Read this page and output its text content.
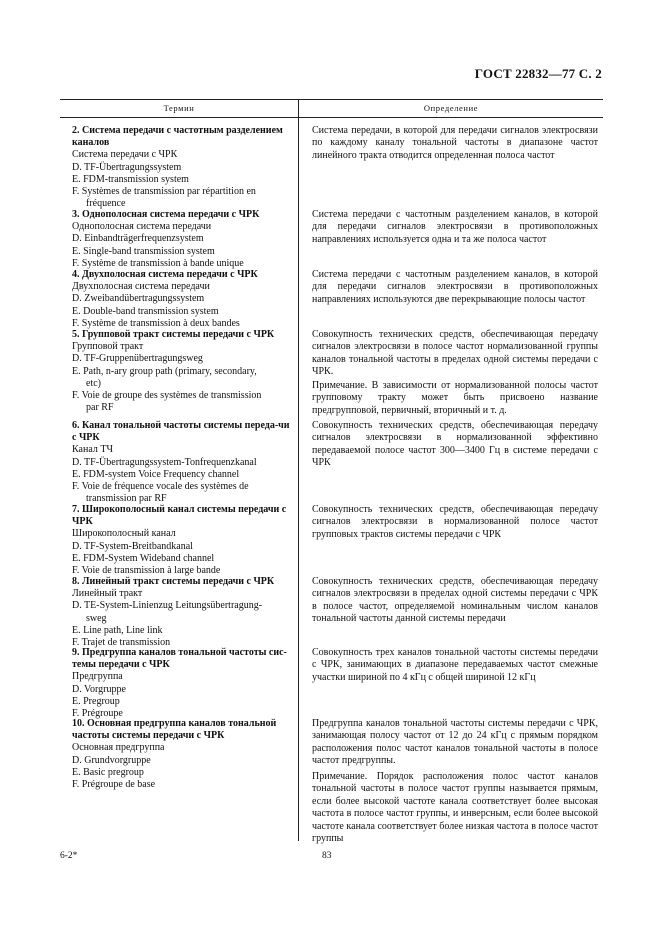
ГОСТ 22832—77 С. 2
Термин	Определение

2. Система передачи с частотным разделением каналов

Система передачи с ЧРК

D. TF-Übertragungssystem

E. FDM-transmission system

F. Systèmes de transmission par répartition en

fréquence

3. Однополосная система передачи с ЧРК

Однополосная система передачи

D. Einbandträgerfrequenzsystem

E. Single-band transmission system

F. Système de transmission à bande unique

4. Двухполосная система передачи с ЧРК

Двухполосная система передачи

D. Zweibandübertragungssystem

E. Double-band transmission system

F. Système de transmission à deux bandes

5. Групповой тракт системы передачи с ЧРК

Групповой тракт

D. TF-Gruppenübertragungsweg

E. Path, n-ary group path (primary, secondary,

etc)

F. Voie de groupe des systèmes de transmission

par RF

6. Канал тональной частоты системы переда-чи с ЧРК

Канал ТЧ

D. TF-Übertragungssystem-Tonfrequenzkanal

E. FDM-system Voice Frequency channel

F. Voie de fréquence vocale des systèmes de

transmission par RF

7. Широкополосный канал системы передачи с ЧРК

Широкополосный канал

D. TF-System-Breitbandkanal

E. FDM-System Wideband channel

F. Voie de transmission à large bande

8. Линейный тракт системы передачи с ЧРК

Линейный тракт

D. TE-System-Linienzug Leitungsübertragung-

sweg

E. Line path, Line link

F. Trajet de transmission

9. Предгруппа каналов тональной частоты сис-темы передачи с ЧРК

Предгруппа

D. Vorgruppe

E. Pregroup

F. Prégroupe

10. Основная предгруппа каналов тональной частоты системы передачи с ЧРК

Основная предгруппа

D. Grundvorgruppe

E. Basic pregroup

F. Prégroupe de base

Система передачи, в которой для передачи сигналов электросвязи по каждому каналу тональной частоты в диапазоне частот линейного тракта отводится определенная полоса частот

Система передачи с частотным разделением каналов, в которой для передачи сигналов электросвязи в противоположных направлениях используется одна и та же полоса частот

Система передачи с частотным разделением каналов, в которой для передачи сигналов электросвязи в противоположных направлениях используются две перекрывающие полосы частот

Совокупность технических средств, обеспечивающая передачу сигналов электросвязи в полосе частот нормализованной группы каналов тональной частоты в пределах одной системы передачи с ЧРК.

Примечание. В зависимости от нормализованной полосы частот групповому тракту может быть присвоено название предгрупповой, первичный, вторичный и т. д.

Совокупность технических средств, обеспечивающая передачу сигналов электросвязи в нормализованной эффективно передаваемой полосе частот 300—3400 Гц в системе передачи с ЧРК

Совокупность технических средств, обеспечивающая передачу сигналов электросвязи в нормализованной полосе частот групповых трактов системы передачи с ЧРК

Совокупность технических средств, обеспечивающая передачу сигналов электросвязи в пределах одной системы передачи с ЧРК в полосе частот, определяемой номинальным числом каналов тональной частоты данной системы передачи

Совокупность трех каналов тональной частоты системы передачи с ЧРК, занимающих в диапазоне передаваемых частот смежные участки шириной по 4 кГц с общей шириной 12 кГц

Предгруппа каналов тональной частоты системы передачи с ЧРК, занимающая полосу частот от 12 до 24 кГц с прямым порядком расположения полос частот каналов тональной частоты в полосе частот предгруппы.

Примечание. Порядок расположения полос частот каналов тональной частоты в полосе частот группы называется прямым, если более высокой частоте канала соответствует более высокая частота в полосе частот группы, и инверсным, если более высокой частоте канала соответствует более низкая частота в полосе частот группы

6-2*	83
